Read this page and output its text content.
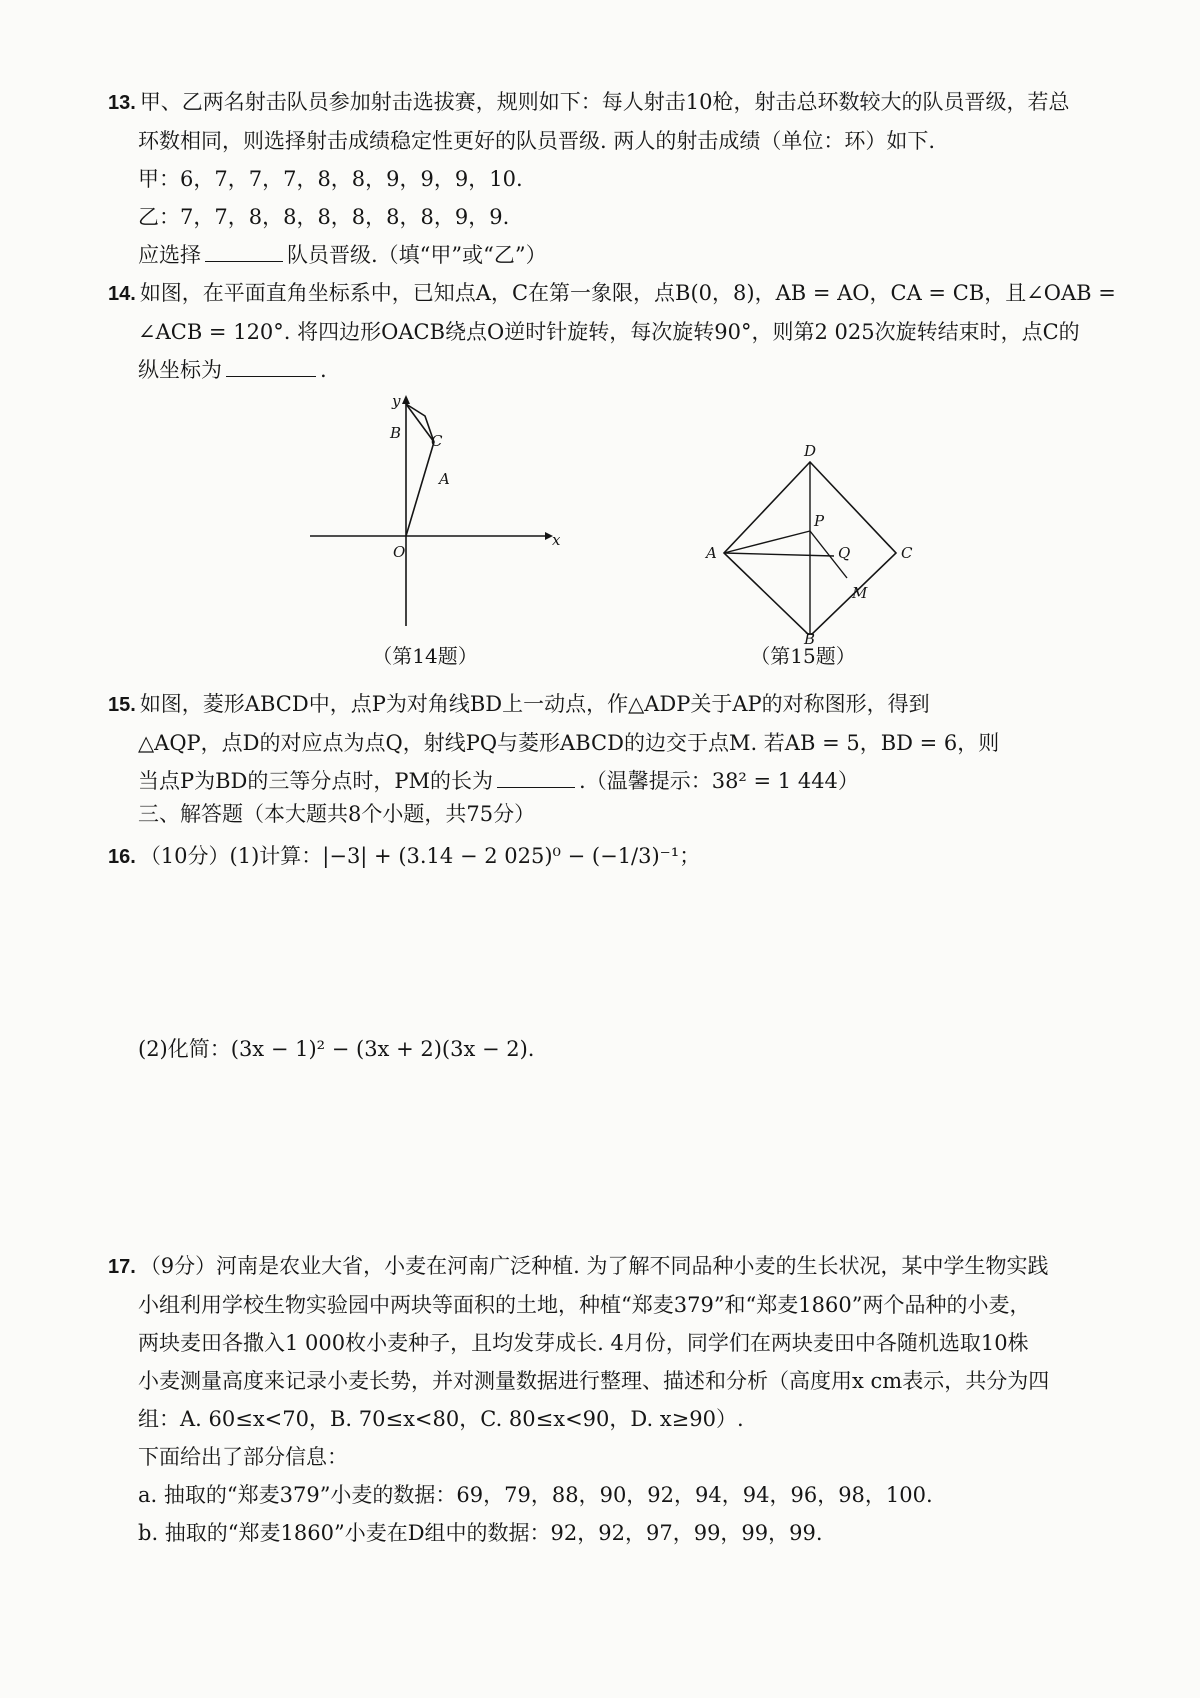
13. 甲、乙两名射击队员参加射击选拔赛，规则如下：每人射击10枪，射击总环数较大的队员晋级，若总
环数相同，则选择射击成绩稳定性更好的队员晋级. 两人的射击成绩（单位：环）如下.
甲：6，7，7，7，8，8，9，9，9，10.
乙：7，7，8，8，8，8，8，8，9，9.
应选择	队员晋级.（填“甲”或“乙”）
14. 如图，在平面直角坐标系中，已知点A，C在第一象限，点B(0，8)，AB = AO，CA = CB，且∠OAB =
∠ACB = 120°. 将四边形OACB绕点O逆时针旋转，每次旋转90°，则第2 025次旋转结束时，点C的
纵坐标为	.
y
B C
A
O
x
D
P
A	Q	C
M
（第15题）
B
（第14题）
15. 如图，菱形ABCD中，点P为对角线BD上一动点，作△ADP关于AP的对称图形，得到
△AQP，点D的对应点为点Q，射线PQ与菱形ABCD的边交于点M. 若AB = 5，BD = 6，则
当点P为BD的三等分点时，PM的长为	.（温馨提示：38² = 1 444）
三、解答题（本大题共8个小题，共75分）
16. （10分）(1)计算：|−3| + (3.14 − 2 025)⁰ − (−1/3)⁻¹；
(2)化简：(3x − 1)² − (3x + 2)(3x − 2).
17. （9分）河南是农业大省，小麦在河南广泛种植. 为了解不同品种小麦的生长状况，某中学生物实践
小组利用学校生物实验园中两块等面积的土地，种植“郑麦379”和“郑麦1860”两个品种的小麦，
两块麦田各撒入1 000枚小麦种子，且均发芽成长. 4月份，同学们在两块麦田中各随机选取10株
小麦测量高度来记录小麦长势，并对测量数据进行整理、描述和分析（高度用x cm表示，共分为四
组：A. 60≤x<70，B. 70≤x<80，C. 80≤x<90，D. x≥90）.
下面给出了部分信息：
a. 抽取的“郑麦379”小麦的数据：69，79，88，90，92，94，94，96，98，100.
b. 抽取的“郑麦1860”小麦在D组中的数据：92，92，97，99，99，99.
